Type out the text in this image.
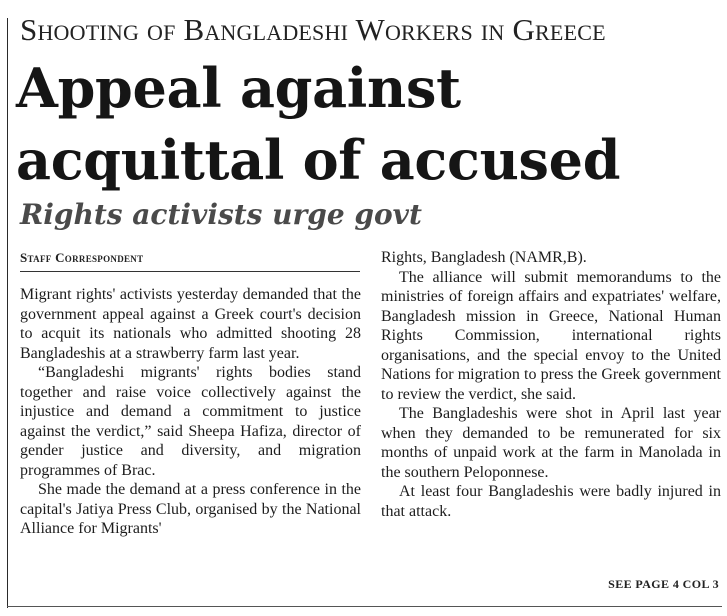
Shooting of Bangladeshi Workers in Greece
Appeal against acquittal of accused
Rights activists urge govt
Staff Correspondent

Migrant rights' activists yesterday demanded that the government appeal against a Greek court's decision to acquit its nationals who admitted shooting 28 Bangladeshis at a strawberry farm last year.

“Bangladeshi migrants' rights bodies stand together and raise voice collectively against the injustice and demand a commitment to justice against the verdict,” said Sheepa Hafiza, director of gender justice and diversity, and migration programmes of Brac.

She made the demand at a press conference in the capital's Jatiya Press Club, organised by the National Alliance for Migrants'

Rights, Bangladesh (NAMR,B).

The alliance will submit memorandums to the ministries of foreign affairs and expatriates' welfare, Bangladesh mission in Greece, National Human Rights Commission, international rights organisations, and the special envoy to the United Nations for migration to press the Greek government to review the verdict, she said.

The Bangladeshis were shot in April last year when they demanded to be remunerated for six months of unpaid work at the farm in Manolada in the southern Peloponnese.

At least four Bangladeshis were badly injured in that attack.

SEE PAGE 4 COL 3
